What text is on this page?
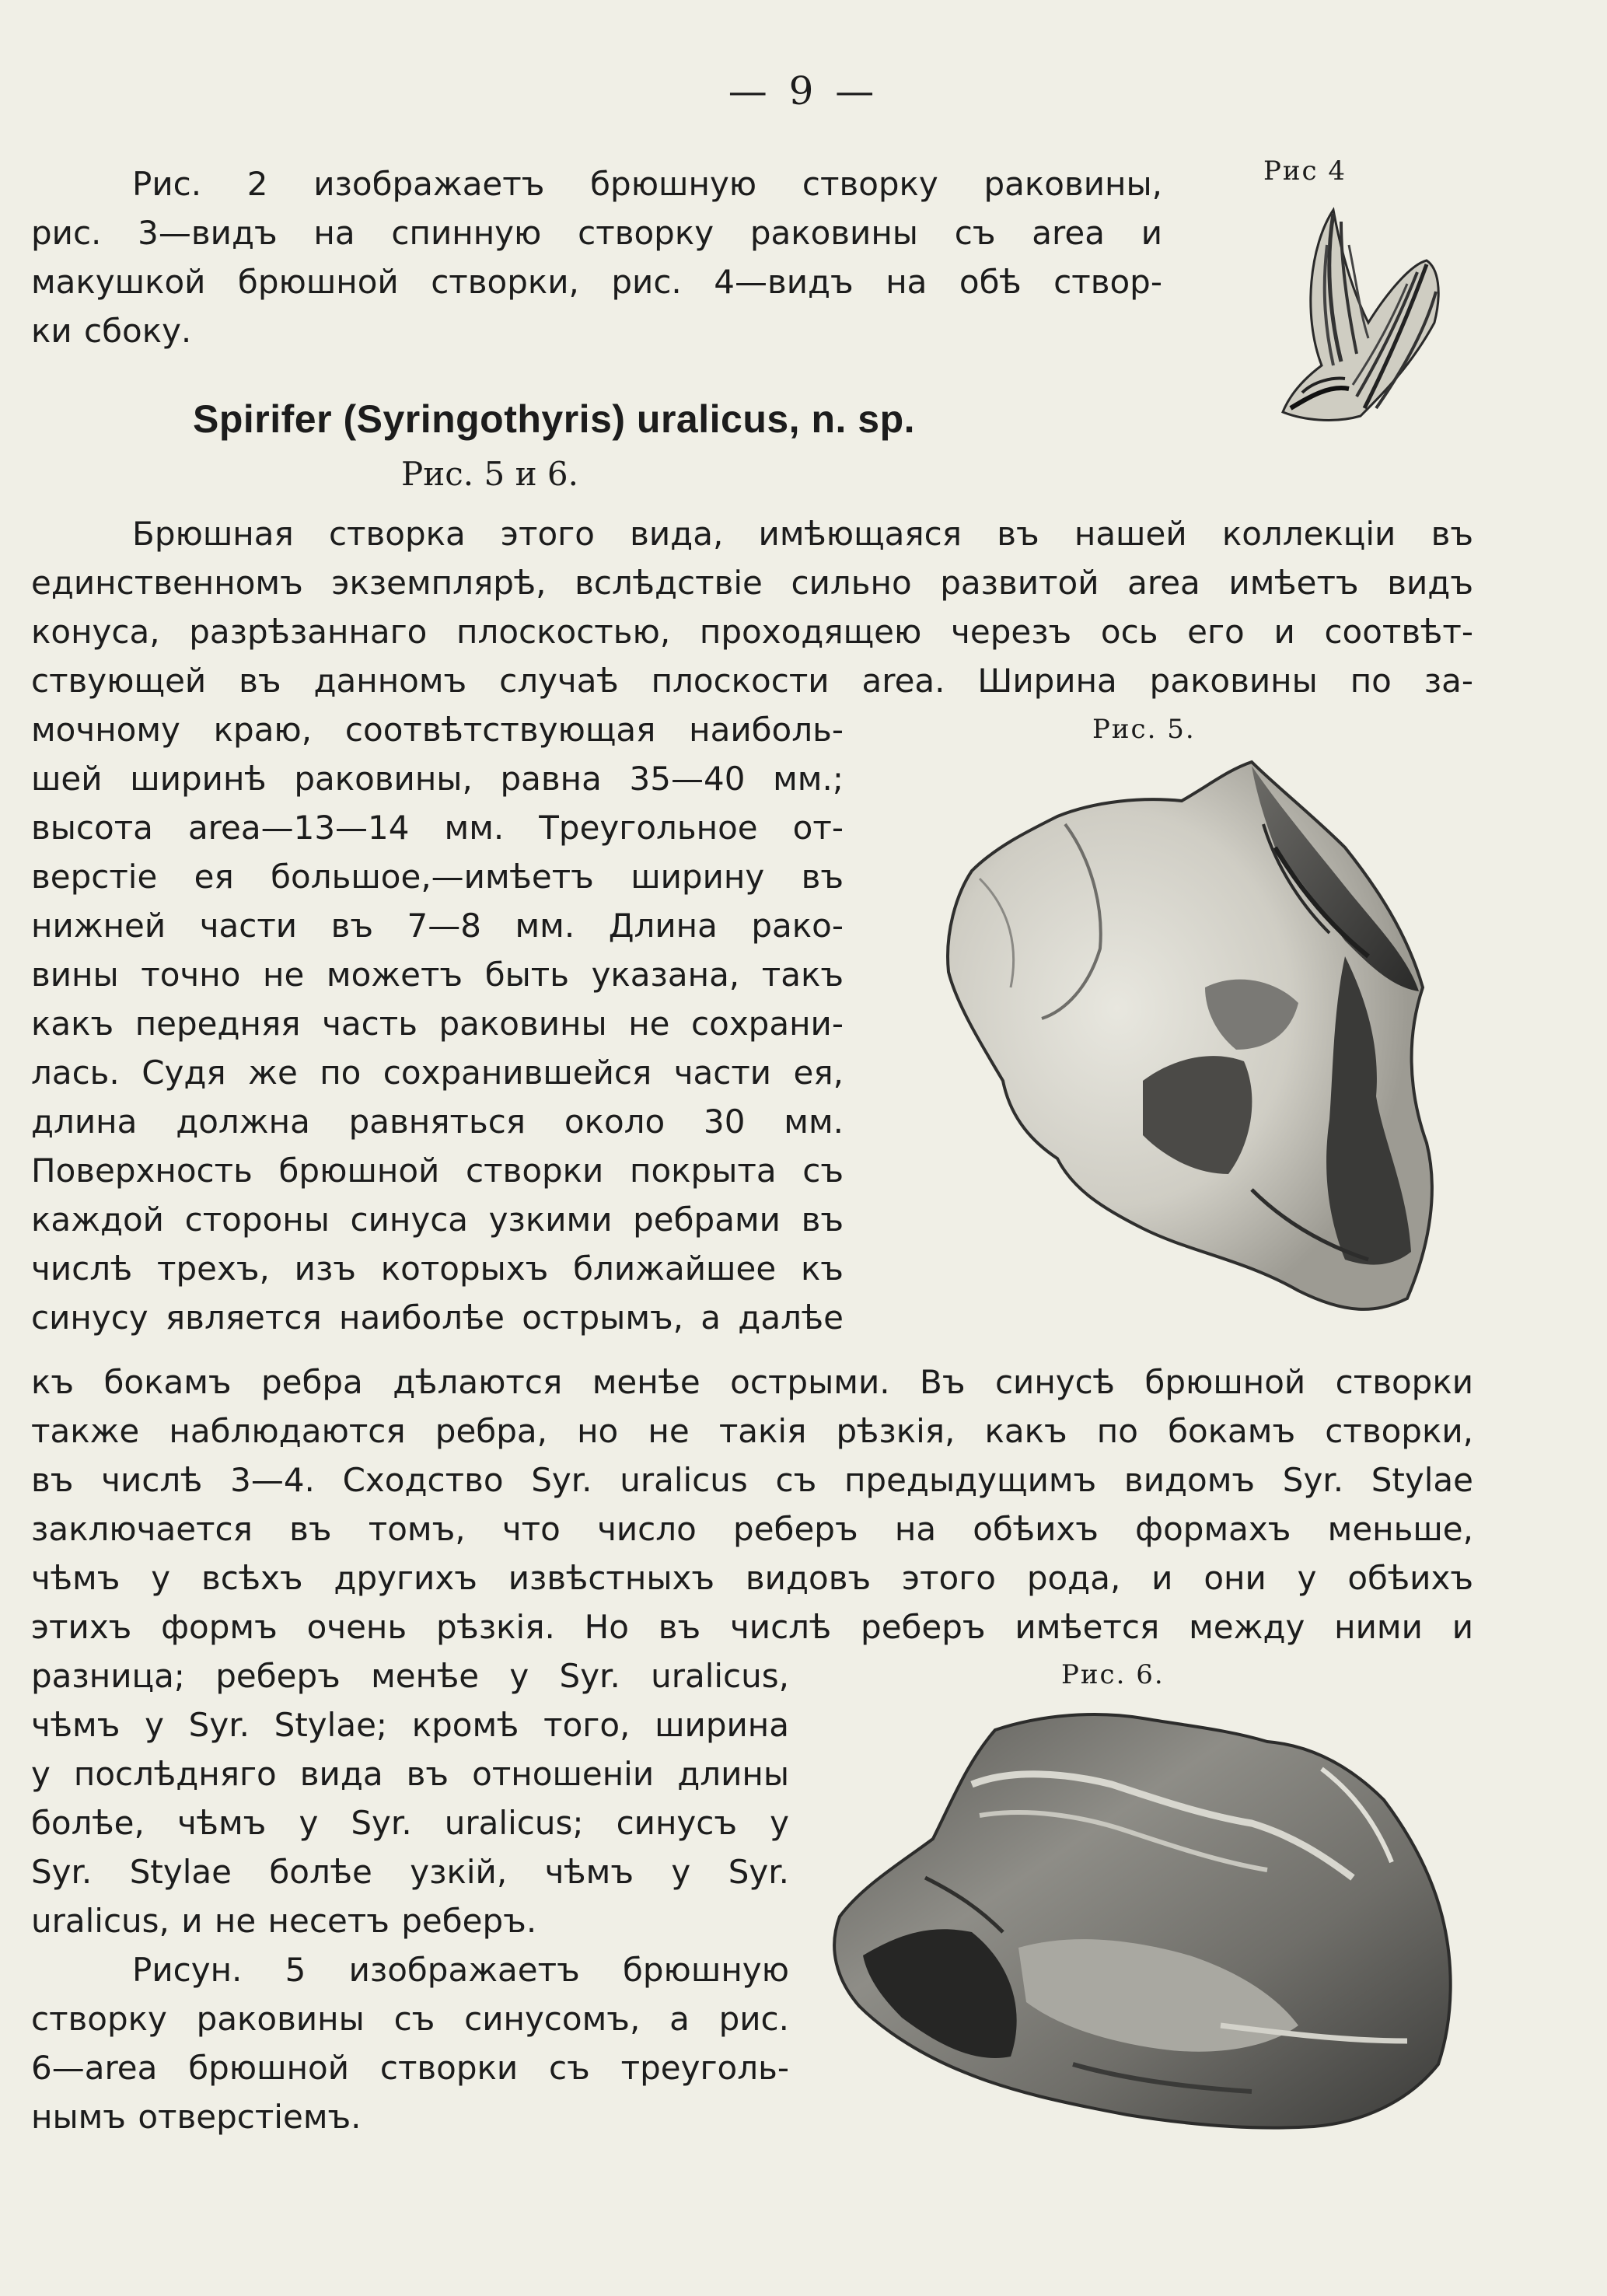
— 9 —
Рис. 2 изображаетъ брюшную створку раковины,
рис. 3—видъ на спинную створку раковины съ area и
макушкой брюшной створки, рис. 4—видъ на обѣ створ-
ки сбоку.
Рис 4
Spirifer (Syringothyris) uralicus, n. sp.
Рис. 5 и 6.
Брюшная створка этого вида, имѣющаяся въ нашей коллекціи въ
единственномъ экземплярѣ, вслѣдствіе сильно развитой area имѣетъ видъ
конуса, разрѣзаннаго плоскостью, проходящею черезъ ось его и соотвѣт-
ствующей въ данномъ случаѣ плоскости area. Ширина раковины по за-
мочному краю, соотвѣтствующая наиболь-
шей ширинѣ раковины, равна 35—40 мм.;
высота area—13—14 мм. Треугольное от-
верстіе ея большое,—имѣетъ ширину въ
нижней части въ 7—8 мм. Длина рако-
вины точно не можетъ быть указана, такъ
какъ передняя часть раковины не сохрани-
лась. Судя же по сохранившейся части ея,
длина должна равняться около 30 мм.
Поверхность брюшной створки покрыта съ
каждой стороны синуса узкими ребрами въ
числѣ трехъ, изъ которыхъ ближайшее къ
синусу является наиболѣе острымъ, а далѣе
Рис. 5.
къ бокамъ ребра дѣлаются менѣе острыми. Въ синусѣ брюшной створки
также наблюдаются ребра, но не такія рѣзкія, какъ по бокамъ створки,
въ числѣ 3—4. Сходство Syr. uralicus съ предыдущимъ видомъ Syr. Stylae
заключается въ томъ, что число реберъ на обѣихъ формахъ меньше,
чѣмъ у всѣхъ другихъ извѣстныхъ видовъ этого рода, и они у обѣихъ
этихъ формъ очень рѣзкія. Но въ числѣ реберъ имѣется между ними и
разница; реберъ менѣе у Syr. uralicus,
чѣмъ у Syr. Stylae; кромѣ того, ширина
у послѣдняго вида въ отношеніи длины
болѣе, чѣмъ у Syr. uralicus; синусъ у
Syr. Stylae болѣе узкій, чѣмъ у Syr.
uralicus, и не несетъ реберъ.
Рисун. 5 изображаетъ брюшную
створку раковины съ синусомъ, а рис.
6—area брюшной створки съ треуголь-
нымъ отверстіемъ.
Рис. 6.
